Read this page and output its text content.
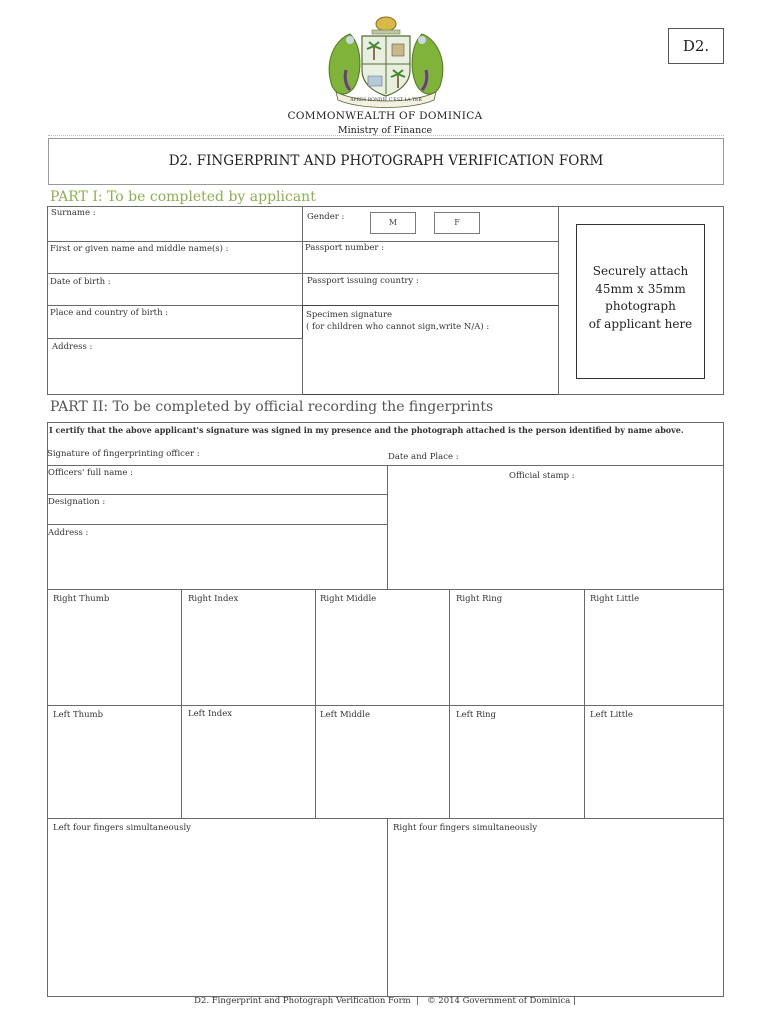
D2.
APRES BONDIE C'EST LA TER
COMMONWEALTH OF DOMINICA
Ministry of Finance
D2. FINGERPRINT AND PHOTOGRAPH VERIFICATION FORM
PART I: To be completed by applicant
Surname :	Gender :
M	F
First or given name and middle name(s) :	Passport number :
Date of birth :	Passport issuing country :
Place and country of birth :	Specimen signature
( for children who cannot sign,write N/A) :
Address :
Securely attach
45mm x 35mm
photograph
of applicant here
PART II: To be completed by official recording the fingerprints
I certify that the above applicant's signature was signed in my presence and the photograph attached is the person identified by name above.
Signature of fingerprinting officer :	Date and Place :
Officers' full name :	Official stamp :
Designation :
Address :
Right Thumb	Right Index	Right Middle	Right Ring	Right Little
Left Thumb	Left Index	Left Middle	Left Ring	Left Little
Left four fingers simultaneously	Right four fingers simultaneously
D2. Fingerprint and Photograph Verification Form  |   © 2014 Government of Dominica |
